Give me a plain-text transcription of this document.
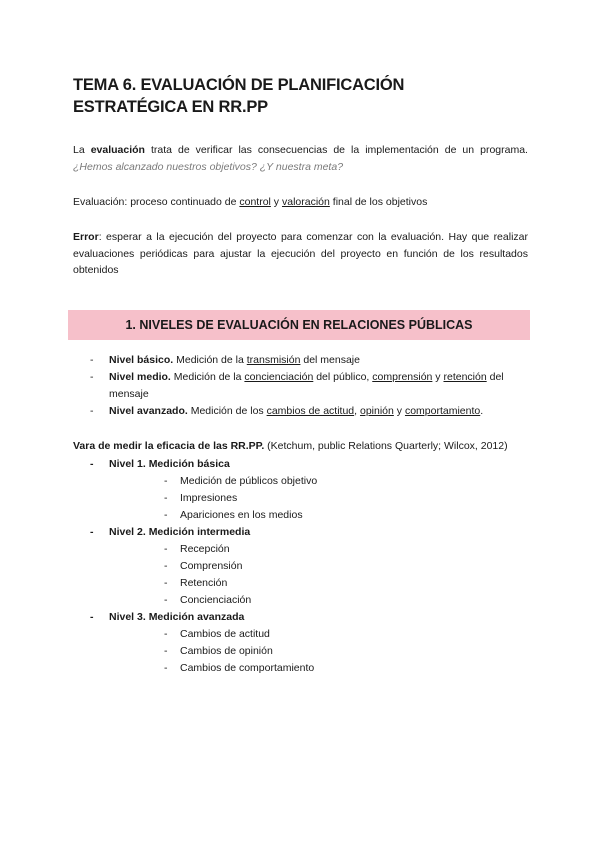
TEMA 6. EVALUACIÓN DE PLANIFICACIÓN ESTRATÉGICA EN RR.PP

La evaluación trata de verificar las consecuencias de la implementación de un programa. ¿Hemos alcanzado nuestros objetivos? ¿Y nuestra meta?

Evaluación: proceso continuado de control y valoración final de los objetivos

Error: esperar a la ejecución del proyecto para comenzar con la evaluación. Hay que realizar evaluaciones periódicas para ajustar la ejecución del proyecto en función de los resultados obtenidos

1. NIVELES DE EVALUACIÓN EN RELACIONES PÚBLICAS
- Nivel básico. Medición de la transmisión del mensaje
- Nivel medio. Medición de la concienciación del público, comprensión y retención del mensaje
- Nivel avanzado. Medición de los cambios de actitud, opinión y comportamiento.

Vara de medir la eficacia de las RR.PP. (Ketchum, public Relations Quarterly; Wilcox, 2012)

- Nivel 1. Medición básica
- Medición de públicos objetivo
- Impresiones
- Apariciones en los medios
- Nivel 2. Medición intermedia
- Recepción
- Comprensión
- Retención
- Concienciación
- Nivel 3. Medición avanzada
- Cambios de actitud
- Cambios de opinión
- Cambios de comportamiento
